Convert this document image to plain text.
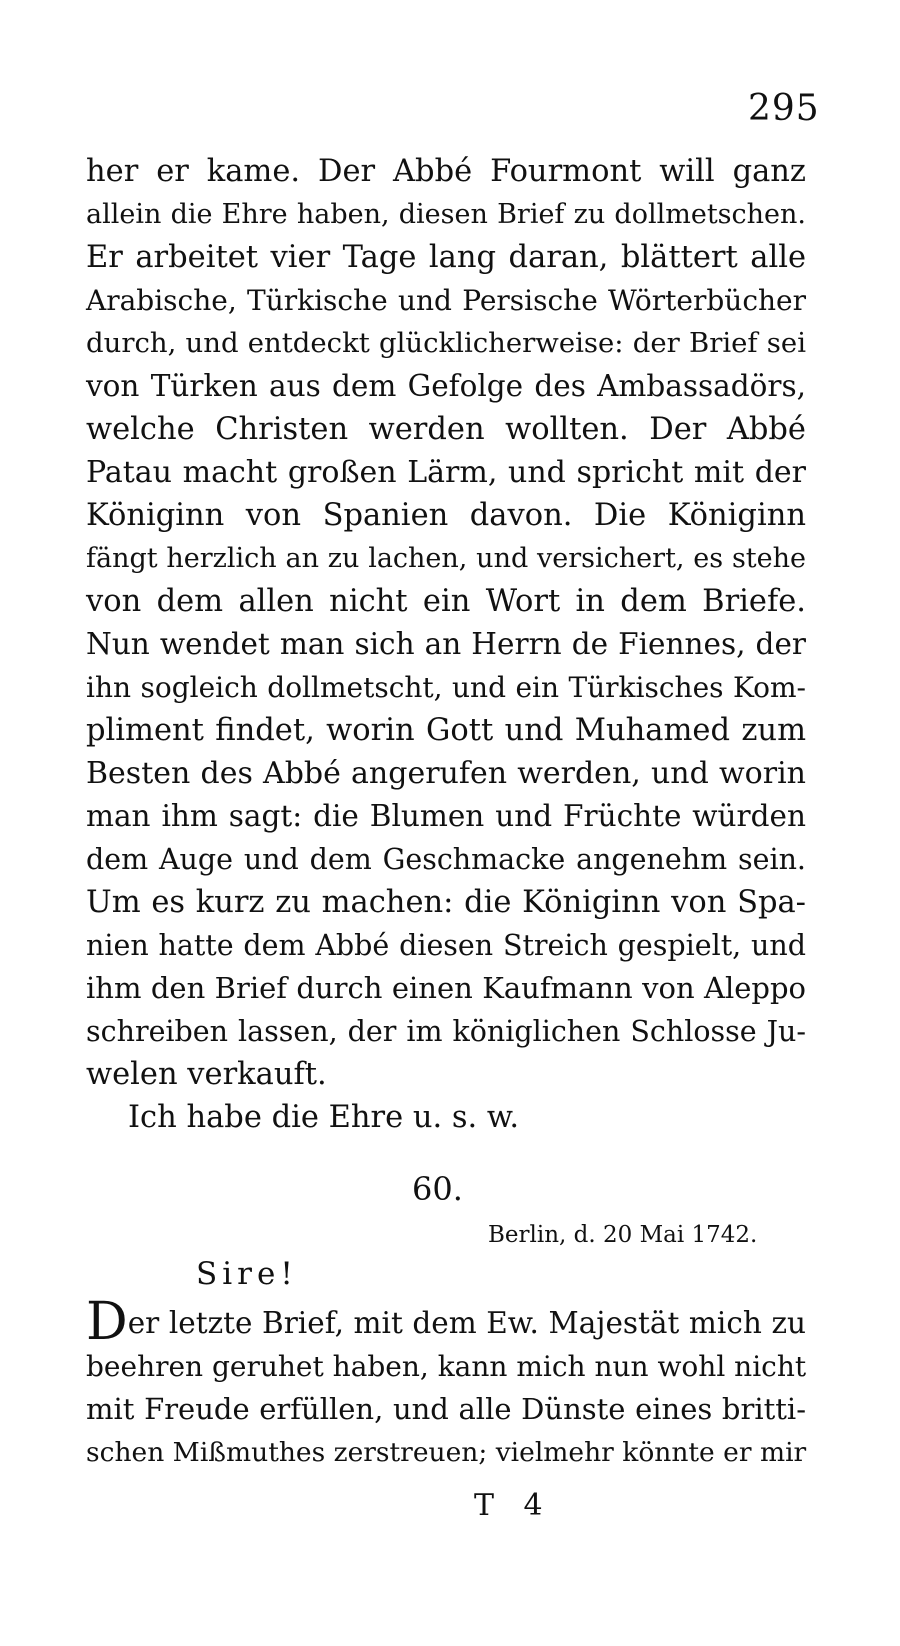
295
her er kame. Der Abbé Fourmont will ganz
allein die Ehre haben, diesen Brief zu dollmetschen.
Er arbeitet vier Tage lang daran, blättert alle
Arabische, Türkische und Persische Wörterbücher
durch, und entdeckt glücklicherweise: der Brief sei
von Türken aus dem Gefolge des Ambassadörs,
welche Christen werden wollten. Der Abbé
Patau macht großen Lärm, und spricht mit der
Königinn von Spanien davon. Die Königinn
fängt herzlich an zu lachen, und versichert, es stehe
von dem allen nicht ein Wort in dem Briefe.
Nun wendet man sich an Herrn de Fiennes, der
ihn sogleich dollmetscht, und ein Türkisches Kom-
pliment findet, worin Gott und Muhamed zum
Besten des Abbé angerufen werden, und worin
man ihm sagt: die Blumen und Früchte würden
dem Auge und dem Geschmacke angenehm sein.
Um es kurz zu machen: die Königinn von Spa-
nien hatte dem Abbé diesen Streich gespielt, und
ihm den Brief durch einen Kaufmann von Aleppo
schreiben lassen, der im königlichen Schlosse Ju-
welen verkauft.
Ich habe die Ehre u. s. w.
60.
Berlin, d. 20 Mai 1742.
Sire!
Der letzte Brief, mit dem Ew. Majestät mich zu
beehren geruhet haben, kann mich nun wohl nicht
mit Freude erfüllen, und alle Dünste eines britti-
schen Mißmuthes zerstreuen; vielmehr könnte er mir
T 4
